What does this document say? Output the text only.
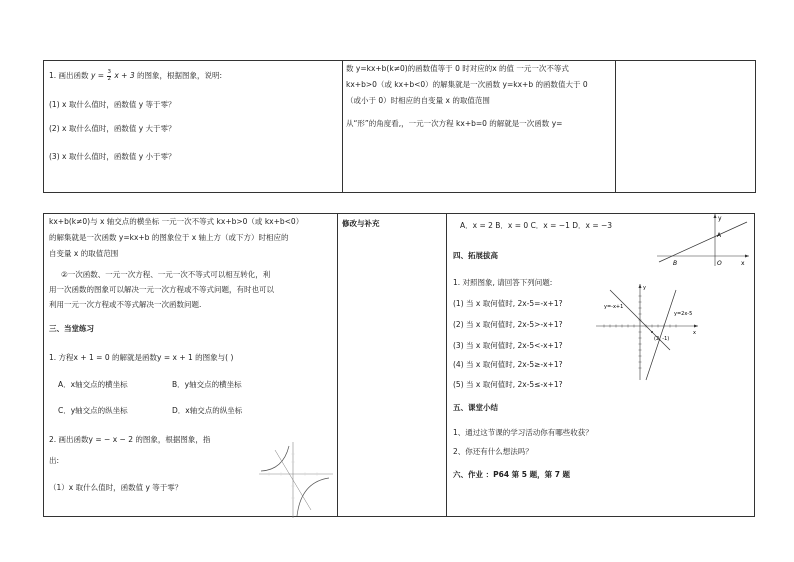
1. 画出函数 $y = \frac{3}{2}$ x + 3 的图象，根据图象，说明:
(1) x 取什么值时，函数值 y 等于零？
(2) x 取什么值时，函数值 y 大于零？
(3) x 取什么值时，函数值 y 小于零？
数 y=kx+b(k≠0)的函数值等于 0 时对应的x 的值 一元一次不等式
kx+b>0（或 kx+b<0）的解集就是一次函数 y=kx+b 的函数值大于 0
（或小于 0）时相应的自变量 x 的取值范围
从“形”的角度看,，一元一次方程 kx+b=0 的解就是一次函数 y=
kx+b(k≠0)与 x 轴交点的横坐标 一元一次不等式 kx+b>0（或 kx+b<0）
的解集就是一次函数 y=kx+b 的图象位于 x 轴上方（或下方）时相应的
自变量 x 的取值范围
②一次函数、一元一次方程、一元一次不等式可以相互转化，利
用一次函数的图象可以解决一元一次方程或不等式问题，有时也可以
利用一元一次方程或不等式解决一次函数问题.
三、当堂练习
1. 方程x + 1 = 0 的解就是函数y = x + 1 的图象与( )
A．x轴交点的横坐标	B．y轴交点的横坐标
C．y轴交点的纵坐标	D．x轴交点的纵坐标
2. 画出函数y = − x − 2 的图象，根据图象，指
出:
（1）x 取什么值时，函数值 y 等于零？
修改与补充	A．x = 2 B．x = 0 C．x = −1 D．x = −3
y
x
A
B	O
四、拓展拔高
1. 对照图象, 请回答下列问题:
(1) 当 x 取何值时, 2x-5=-x+1?
(2) 当 x 取何值时, 2x-5>-x+1?
(3) 当 x 取何值时, 2x-5<-x+1?
(4) 当 x 取何值时, 2x-5≥-x+1?
(5) 当 x 取何值时, 2x-5≤-x+1?
y=-x+1
y=2x-5
(2, -1)
y
x
五、课堂小结
1、通过这节课的学习活动你有哪些收获？
2、你还有什么想法吗？
六、作业 ：P64 第 5 题，第 7 题
